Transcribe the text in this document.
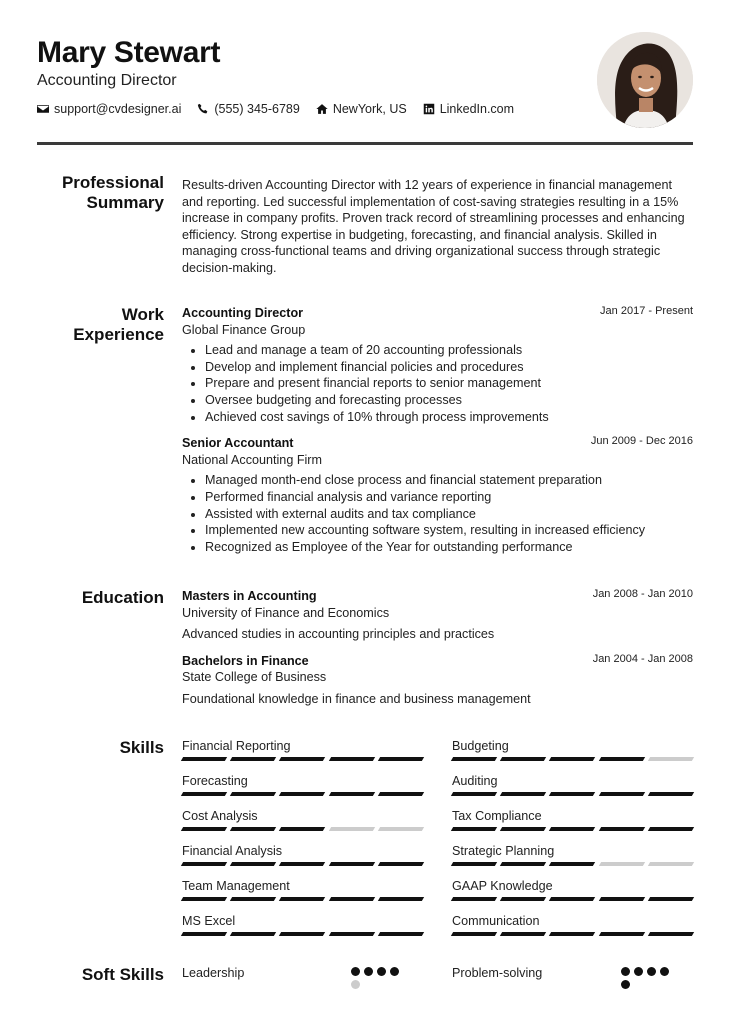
Mary Stewart
Accounting Director
support@cvdesigner.ai	(555) 345-6789	NewYork, US	LinkedIn.com
Professional
Summary
Results-driven Accounting Director with 12 years of experience in financial management and reporting. Led successful implementation of cost-saving strategies resulting in a 15% increase in company profits. Proven track record of streamlining processes and enhancing efficiency. Strong expertise in budgeting, forecasting, and financial analysis. Skilled in managing cross-functional teams and driving organizational success through strategic decision-making.
Work
Experience
Accounting Director	Jan 2017 - Present
Global Finance Group
Lead and manage a team of 20 accounting professionals
Develop and implement financial policies and procedures
Prepare and present financial reports to senior management
Oversee budgeting and forecasting processes
Achieved cost savings of 10% through process improvements
Senior Accountant	Jun 2009 - Dec 2016
National Accounting Firm
Managed month-end close process and financial statement preparation
Performed financial analysis and variance reporting
Assisted with external audits and tax compliance
Implemented new accounting software system, resulting in increased efficiency
Recognized as Employee of the Year for outstanding performance
Education Masters in Accounting	Jan 2008 - Jan 2010
University of Finance and Economics
Advanced studies in accounting principles and practices
Bachelors in Finance	Jan 2004 - Jan 2008
State College of Business
Foundational knowledge in finance and business management
Skills Financial Reporting	Budgeting
Forecasting	Auditing
Cost Analysis	Tax Compliance
Financial Analysis	Strategic Planning
Team Management	GAAP Knowledge
MS Excel	Communication
Soft Skills Leadership	Problem-solving
